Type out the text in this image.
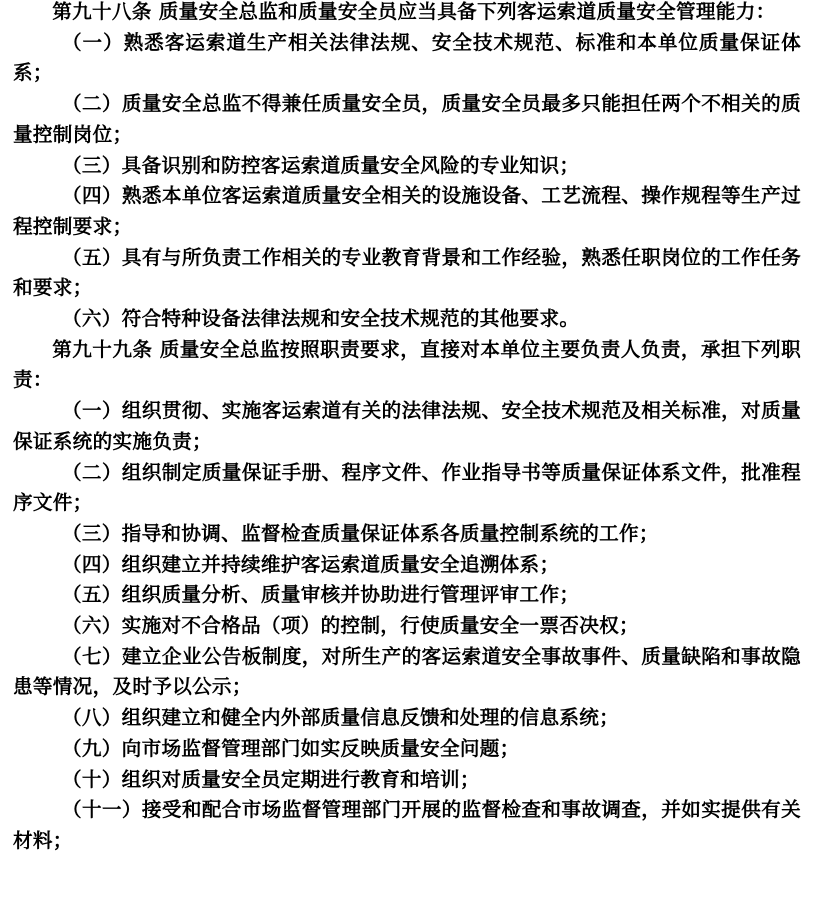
第九十八条 质量安全总监和质量安全员应当具备下列客运索道质量安全管理能力：

（一）熟悉客运索道生产相关法律法规、安全技术规范、标准和本单位质量保证体系；

（二）质量安全总监不得兼任质量安全员，质量安全员最多只能担任两个不相关的质量控制岗位；

（三）具备识别和防控客运索道质量安全风险的专业知识；

（四）熟悉本单位客运索道质量安全相关的设施设备、工艺流程、操作规程等生产过程控制要求；

（五）具有与所负责工作相关的专业教育背景和工作经验，熟悉任职岗位的工作任务和要求；

（六）符合特种设备法律法规和安全技术规范的其他要求。

第九十九条 质量安全总监按照职责要求，直接对本单位主要负责人负责，承担下列职责：

（一）组织贯彻、实施客运索道有关的法律法规、安全技术规范及相关标准，对质量保证系统的实施负责；

（二）组织制定质量保证手册、程序文件、作业指导书等质量保证体系文件，批准程序文件；

（三）指导和协调、监督检查质量保证体系各质量控制系统的工作；

（四）组织建立并持续维护客运索道质量安全追溯体系；

（五）组织质量分析、质量审核并协助进行管理评审工作；

（六）实施对不合格品（项）的控制，行使质量安全一票否决权；

（七）建立企业公告板制度，对所生产的客运索道安全事故事件、质量缺陷和事故隐患等情况，及时予以公示；

（八）组织建立和健全内外部质量信息反馈和处理的信息系统；

（九）向市场监督管理部门如实反映质量安全问题；

（十）组织对质量安全员定期进行教育和培训；

（十一）接受和配合市场监督管理部门开展的监督检查和事故调查，并如实提供有关材料；
